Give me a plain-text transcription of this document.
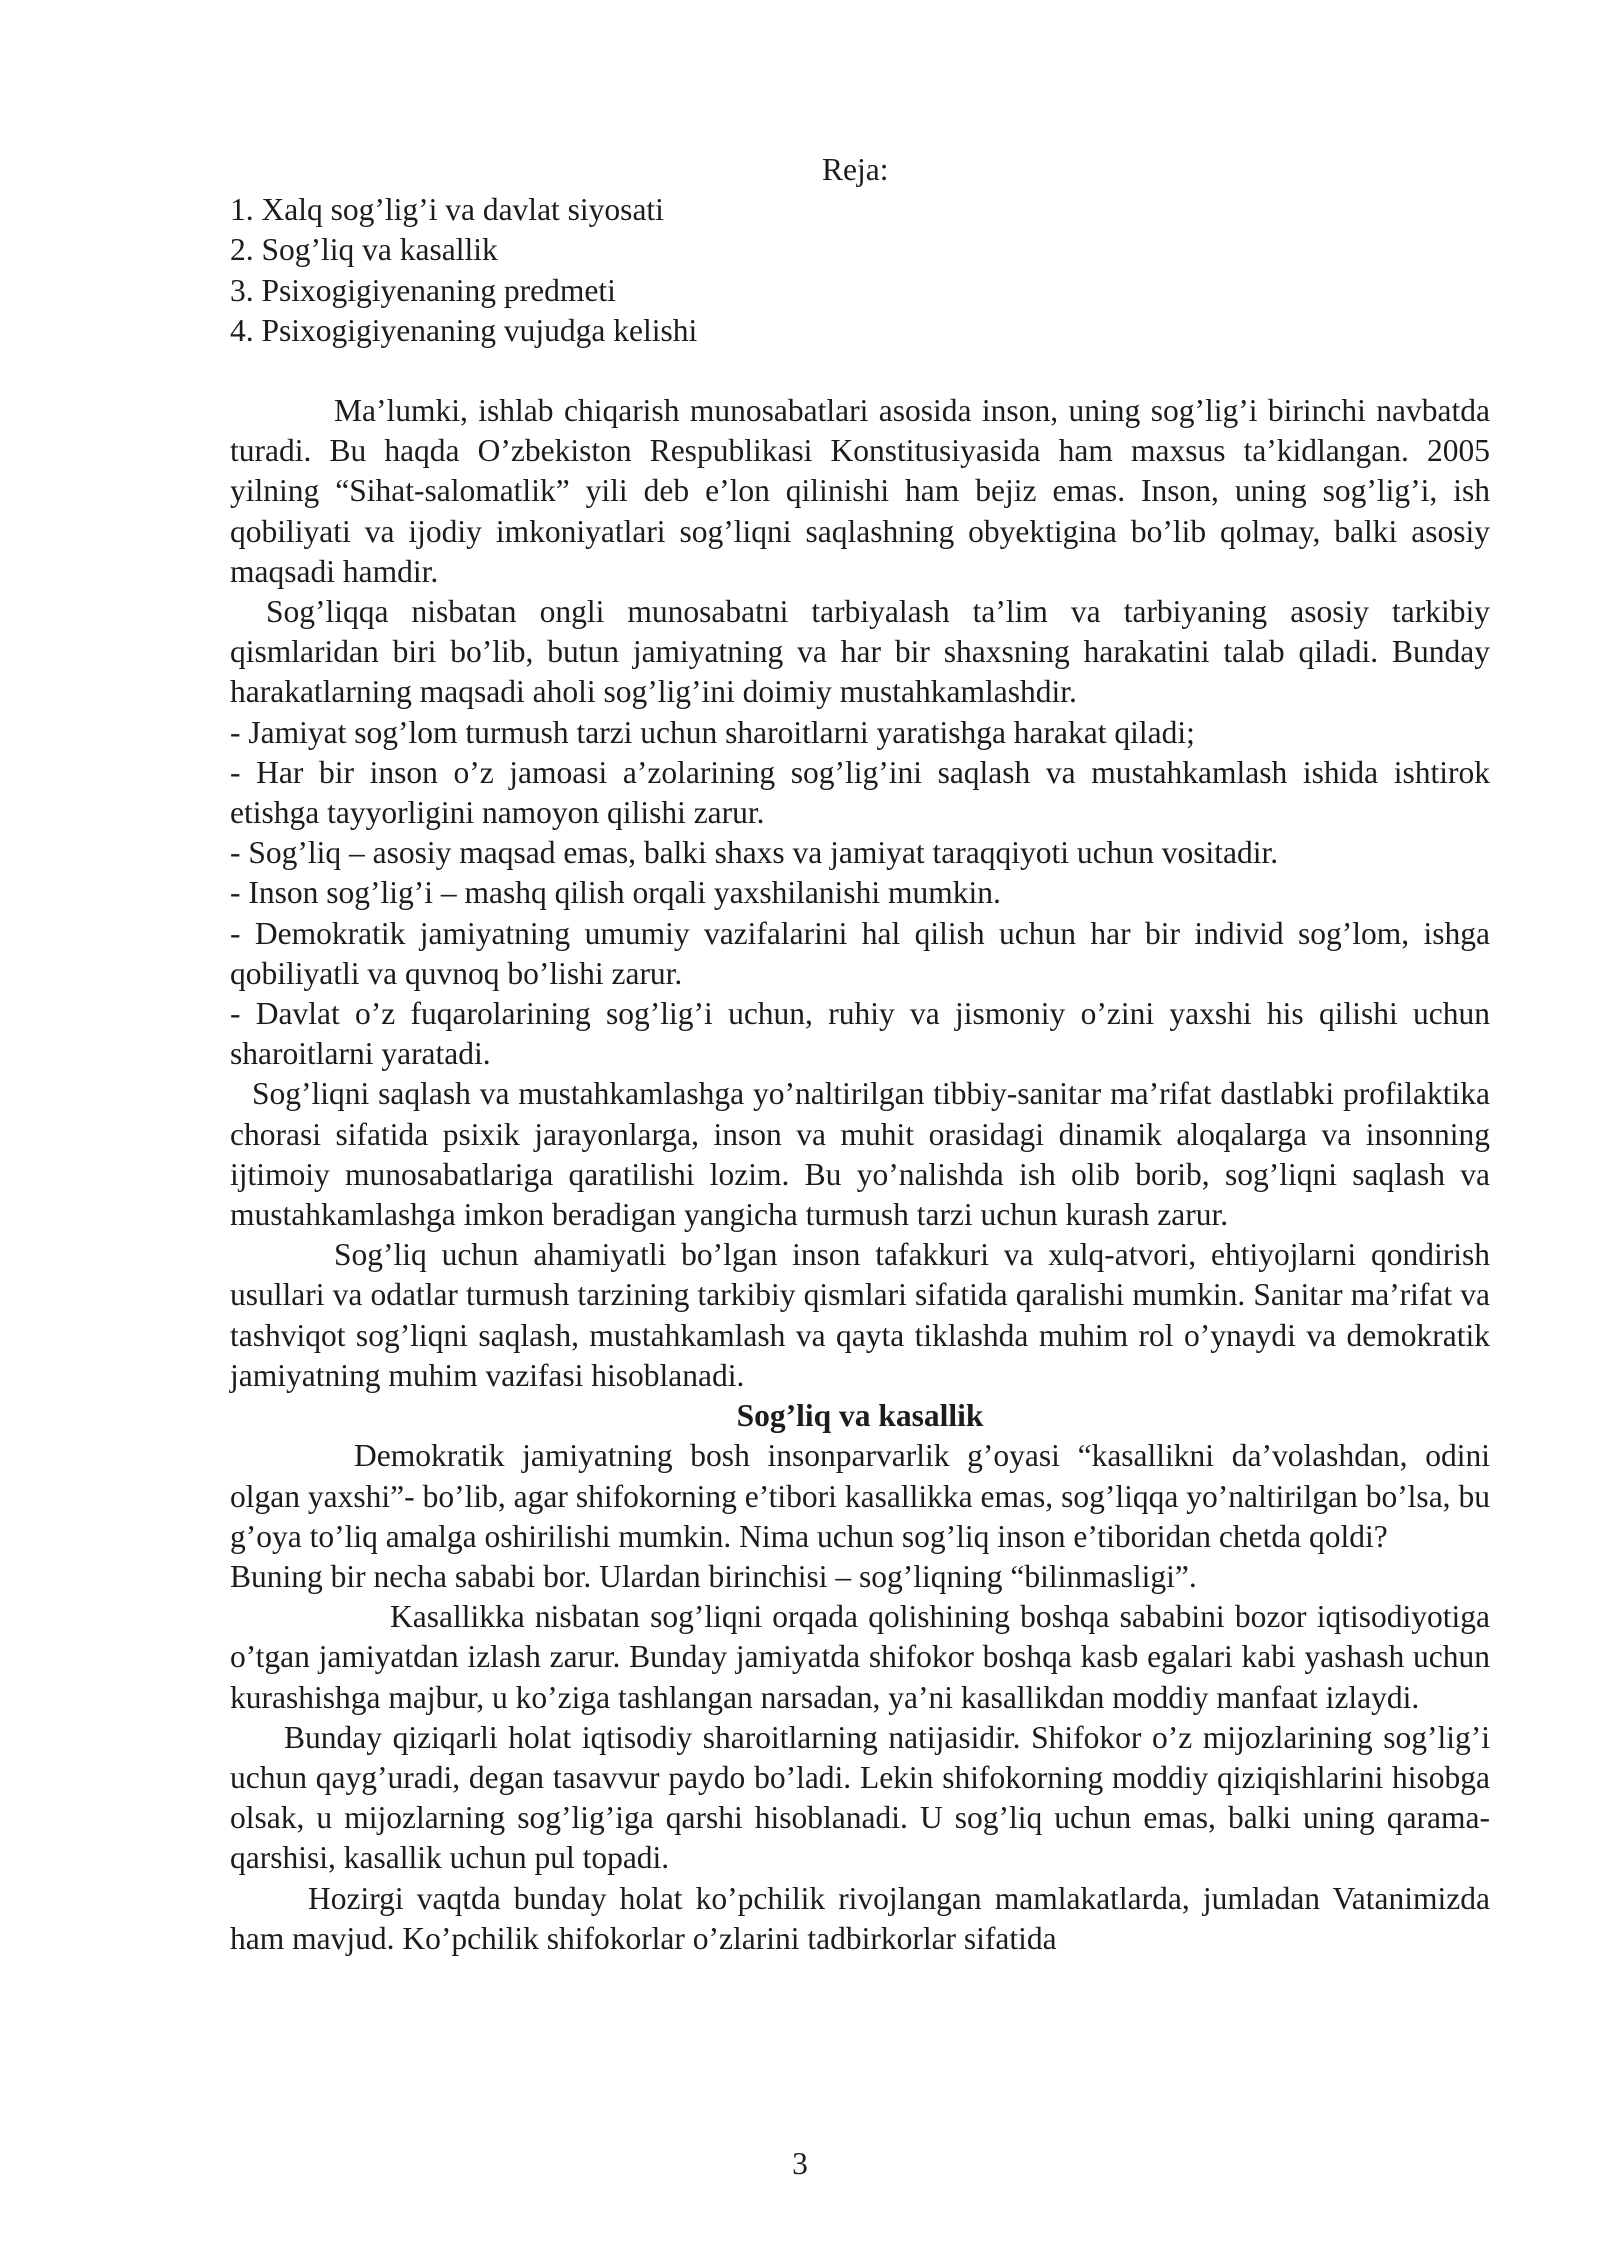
Reja:

1. Xalq sog’lig’i va davlat siyosati
2. Sog’liq va kasallik
3. Psixogigiyenaning predmeti
4. Psixogigiyenaning vujudga kelishi

Ma’lumki, ishlab chiqarish munosabatlari asosida inson, uning sog’lig’i birinchi navbatda turadi. Bu haqda O’zbekiston Respublikasi Konstitusiyasida ham maxsus ta’kidlangan. 2005 yilning “Sihat-salomatlik” yili deb e’lon qilinishi ham bejiz emas. Inson, uning sog’lig’i, ish qobiliyati va ijodiy imkoniyatlari sog’liqni saqlashning obyektigina bo’lib qolmay, balki asosiy maqsadi hamdir.

Sog’liqqa nisbatan ongli munosabatni tarbiyalash ta’lim va tarbiyaning asosiy tarkibiy qismlaridan biri bo’lib, butun jamiyatning va har bir shaxsning harakatini talab qiladi. Bunday harakatlarning maqsadi aholi sog’lig’ini doimiy mustahkamlashdir.

- Jamiyat sog’lom turmush tarzi uchun sharoitlarni yaratishga harakat qiladi;

- Har bir inson o’z jamoasi a’zolarining sog’lig’ini saqlash va mustahkamlash ishida ishtirok etishga tayyorligini namoyon qilishi zarur.

- Sog’liq – asosiy maqsad emas, balki shaxs va jamiyat taraqqiyoti uchun vositadir.

- Inson sog’lig’i – mashq qilish orqali yaxshilanishi mumkin.

- Demokratik jamiyatning umumiy vazifalarini hal qilish uchun har bir individ sog’lom, ishga qobiliyatli va quvnoq bo’lishi zarur.

- Davlat o’z fuqarolarining sog’lig’i uchun, ruhiy va jismoniy o’zini yaxshi his qilishi uchun sharoitlarni yaratadi.

Sog’liqni saqlash va mustahkamlashga yo’naltirilgan tibbiy-sanitar ma’rifat dastlabki profilaktika chorasi sifatida psixik jarayonlarga, inson va muhit orasidagi dinamik aloqalarga va insonning ijtimoiy munosabatlariga qaratilishi lozim. Bu yo’nalishda ish olib borib, sog’liqni saqlash va mustahkamlashga imkon beradigan yangicha turmush tarzi uchun kurash zarur.

Sog’liq uchun ahamiyatli bo’lgan inson tafakkuri va xulq-atvori, ehtiyojlarni qondirish usullari va odatlar turmush tarzining tarkibiy qismlari sifatida qaralishi mumkin. Sanitar ma’rifat va tashviqot sog’liqni saqlash, mustahkamlash va qayta tiklashda muhim rol o’ynaydi va demokratik jamiyatning muhim vazifasi hisoblanadi.

Sog’liq va kasallik

Demokratik jamiyatning bosh insonparvarlik g’oyasi “kasallikni da’volashdan, odini olgan yaxshi”- bo’lib, agar shifokorning e’tibori kasallikka emas, sog’liqqa yo’naltirilgan bo’lsa, bu g’oya to’liq amalga oshirilishi mumkin. Nima uchun sog’liq inson e’tiboridan chetda qoldi?

Buning bir necha sababi bor. Ulardan birinchisi – sog’liqning “bilinmasligi”.

Kasallikka nisbatan sog’liqni orqada qolishining boshqa sababini bozor iqtisodiyotiga o’tgan jamiyatdan izlash zarur. Bunday jamiyatda shifokor boshqa kasb egalari kabi yashash uchun kurashishga majbur, u ko’ziga tashlangan narsadan, ya’ni kasallikdan moddiy manfaat izlaydi.

Bunday qiziqarli holat iqtisodiy sharoitlarning natijasidir. Shifokor o’z mijozlarining sog’lig’i uchun qayg’uradi, degan tasavvur paydo bo’ladi. Lekin shifokorning moddiy qiziqishlarini hisobga olsak, u mijozlarning sog’lig’iga qarshi hisoblanadi. U sog’liq uchun emas, balki uning qarama-qarshisi, kasallik uchun pul topadi.

Hozirgi vaqtda bunday holat ko’pchilik rivojlangan mamlakatlarda, jumladan Vatanimizda ham mavjud. Ko’pchilik shifokorlar o’zlarini tadbirkorlar sifatida

3
